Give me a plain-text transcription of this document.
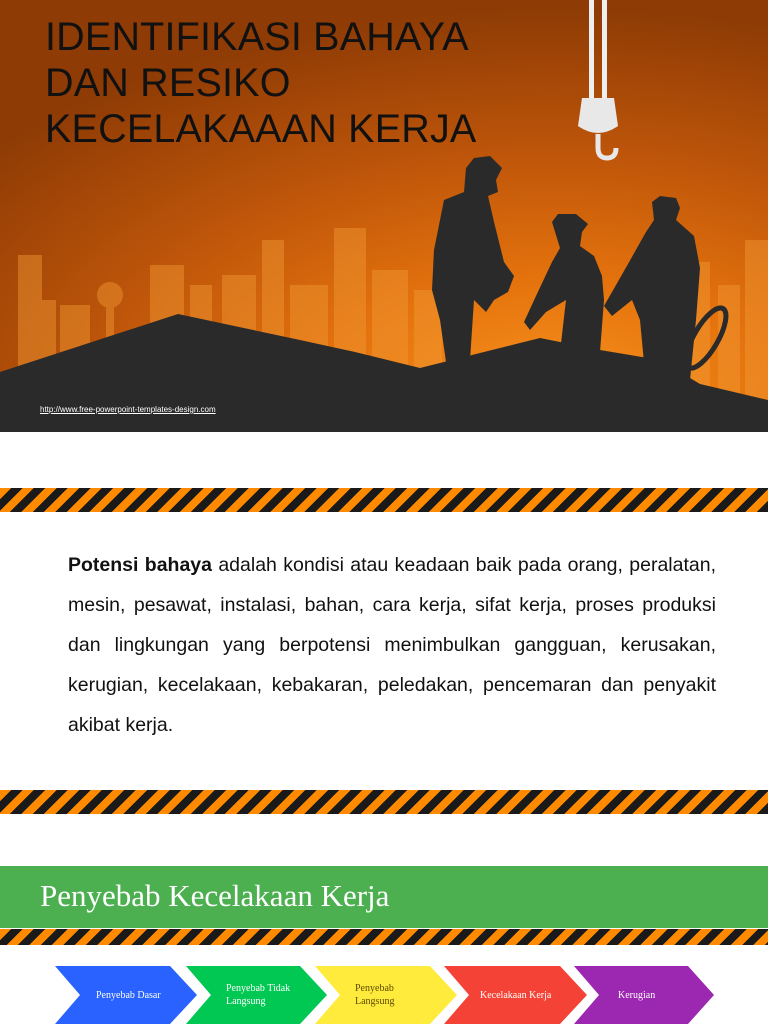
IDENTIFIKASI BAHAYA
DAN RESIKO
KECELAKAAAN KERJA
http://www.free-powerpoint-templates-design.com

Potensi bahaya adalah kondisi atau keadaan baik pada orang, peralatan, mesin, pesawat, instalasi, bahan, cara kerja, sifat kerja, proses produksi dan lingkungan yang berpotensi menimbulkan gangguan, kerusakan, kerugian, kecelakaan, kebakaran, peledakan, pencemaran dan penyakit akibat kerja.

Penyebab Kecelakaan Kerja
Penyebab Dasar
Penyebab Tidak Langsung
Penyebab Langsung
Kecelakaan Kerja	Kerugian
